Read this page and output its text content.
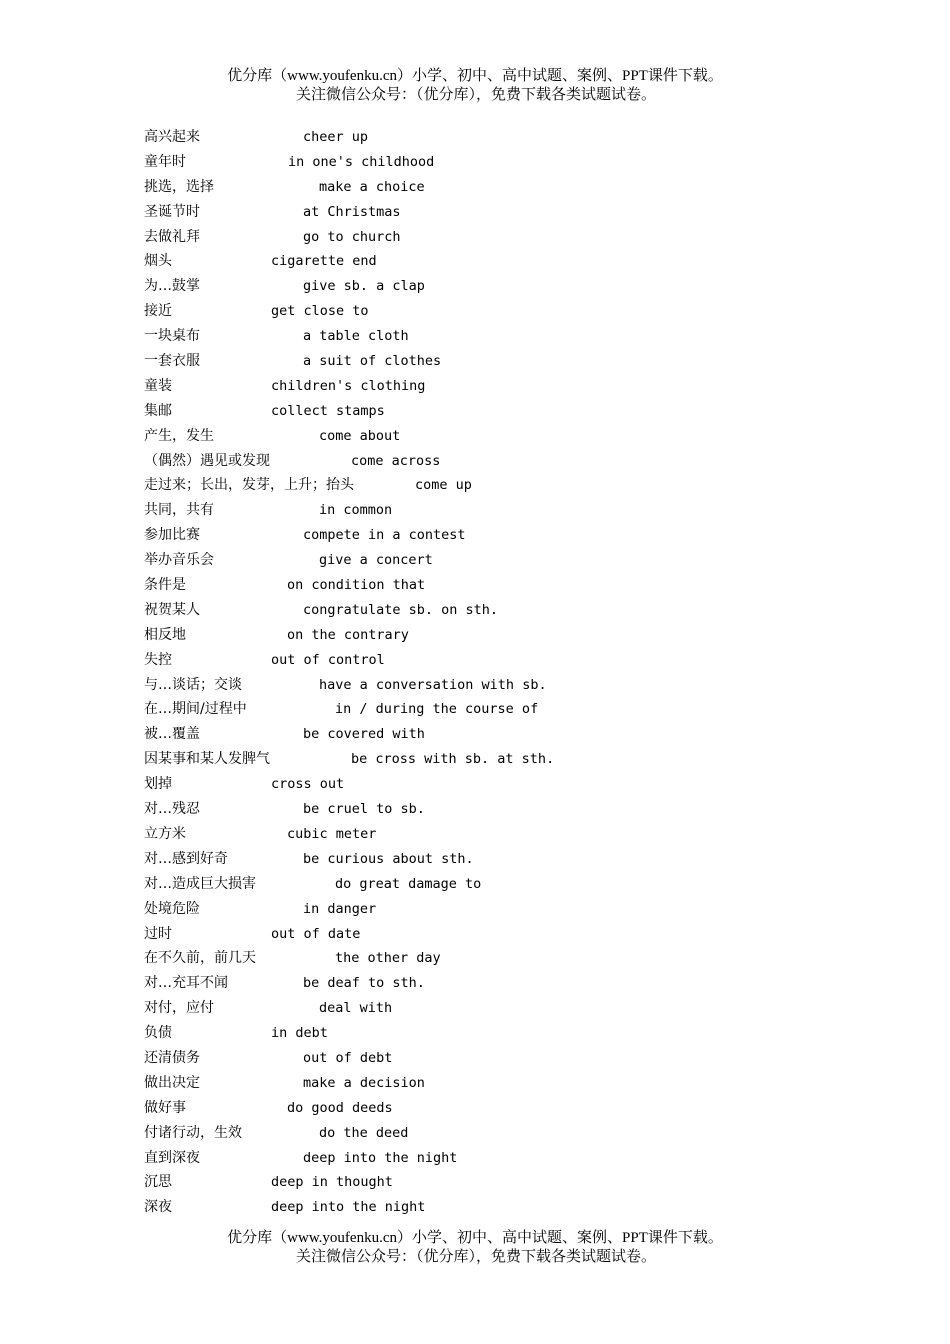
优分库（www.youfenku.cn）小学、初中、高中试题、案例、PPT课件下载。
关注微信公众号：（优分库），免费下载各类试题试卷。
高兴起来	cheer up
童年时	in one's childhood
挑选，选择	make a choice
圣诞节时	at Christmas
去做礼拜	go to church
烟头	cigarette end
为…鼓掌	give sb. a clap
接近	get close to
一块桌布	a table cloth
一套衣服	a suit of clothes
童装	children's clothing
集邮	collect stamps
产生，发生	come about
（偶然）遇见或发现	come across
走过来；长出，发芽，上升；抬头	come up
共同，共有	in common
参加比赛	compete in a contest
举办音乐会	give a concert
条件是	on condition that
祝贺某人	congratulate sb. on sth.
相反地	on the contrary
失控	out of control
与…谈话；交谈	have a conversation with sb.
在…期间/过程中	in / during the course of
被…覆盖	be covered with
因某事和某人发脾气	be cross with sb. at sth.
划掉	cross out
对…残忍	be cruel to sb.
立方米	cubic meter
对…感到好奇	be curious about sth.
对…造成巨大损害	do great damage to
处境危险	in danger
过时	out of date
在不久前，前几天	the other day
对…充耳不闻	be deaf to sth.
对付，应付	deal with
负债	in debt
还清债务	out of debt
做出决定	make a decision
做好事	do good deeds
付诸行动，生效	do the deed
直到深夜	deep into the night
沉思	deep in thought
深夜	deep into the night
优分库（www.youfenku.cn）小学、初中、高中试题、案例、PPT课件下载。
关注微信公众号：（优分库），免费下载各类试题试卷。
